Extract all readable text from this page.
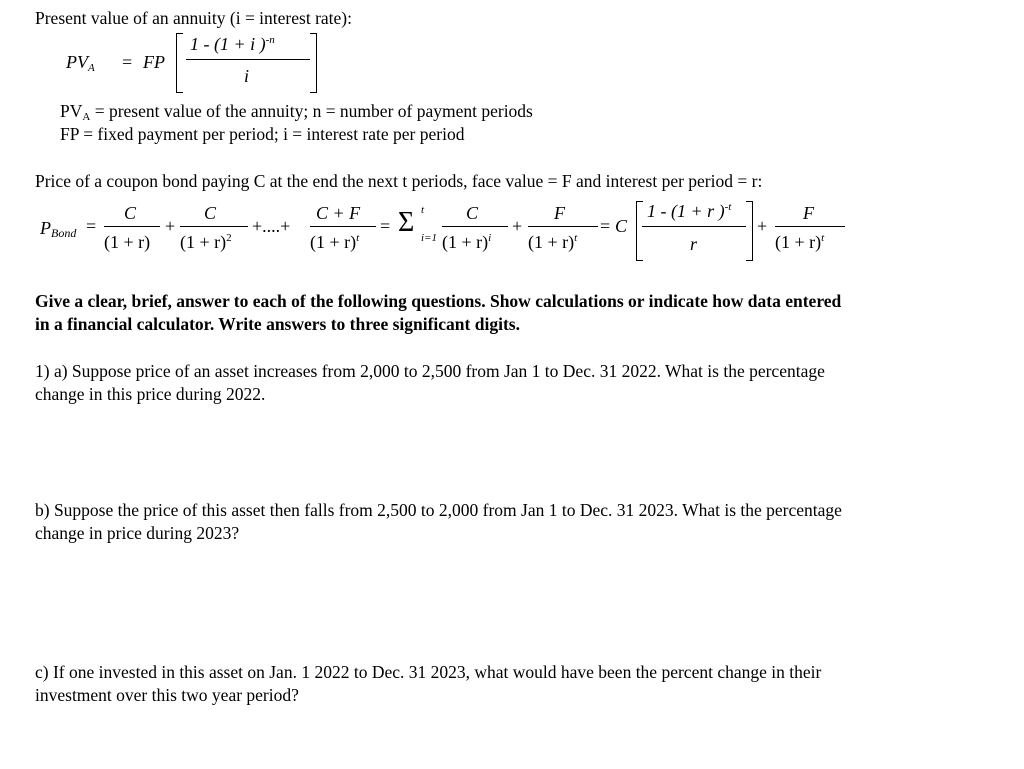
Present value of an annuity (i = interest rate):
$PV_A$ = FP
1 - (1 + i )$^{-n}$
i
$PV_A$ = present value of the annuity; n = number of payment periods
FP = fixed payment per period; i = interest rate per period
Price of a coupon bond paying C at the end the next t periods, face value = F and interest per period = r:
$P_{Bond}$ =
C
(1 + r)
+
C
$(1 + r)^2$
+....+
C + F
$(1 + r)^t$
= Σ t
i=1
C
$(1 + r)^i$
+
F
$(1 + r)^t$
= C
1 - (1 + r )$^{-t}$
r
+
F
$(1 + r)^t$
Give a clear, brief, answer to each of the following questions. Show calculations or indicate how data entered
in a financial calculator. Write answers to three significant digits.
1) a) Suppose price of an asset increases from 2,000 to 2,500 from Jan 1 to Dec. 31 2022. What is the percentage
change in this price during 2022.
b) Suppose the price of this asset then falls from 2,500 to 2,000 from Jan 1 to Dec. 31 2023. What is the percentage
change in price during 2023?
c) If one invested in this asset on Jan. 1 2022 to Dec. 31 2023, what would have been the percent change in their
investment over this two year period?
